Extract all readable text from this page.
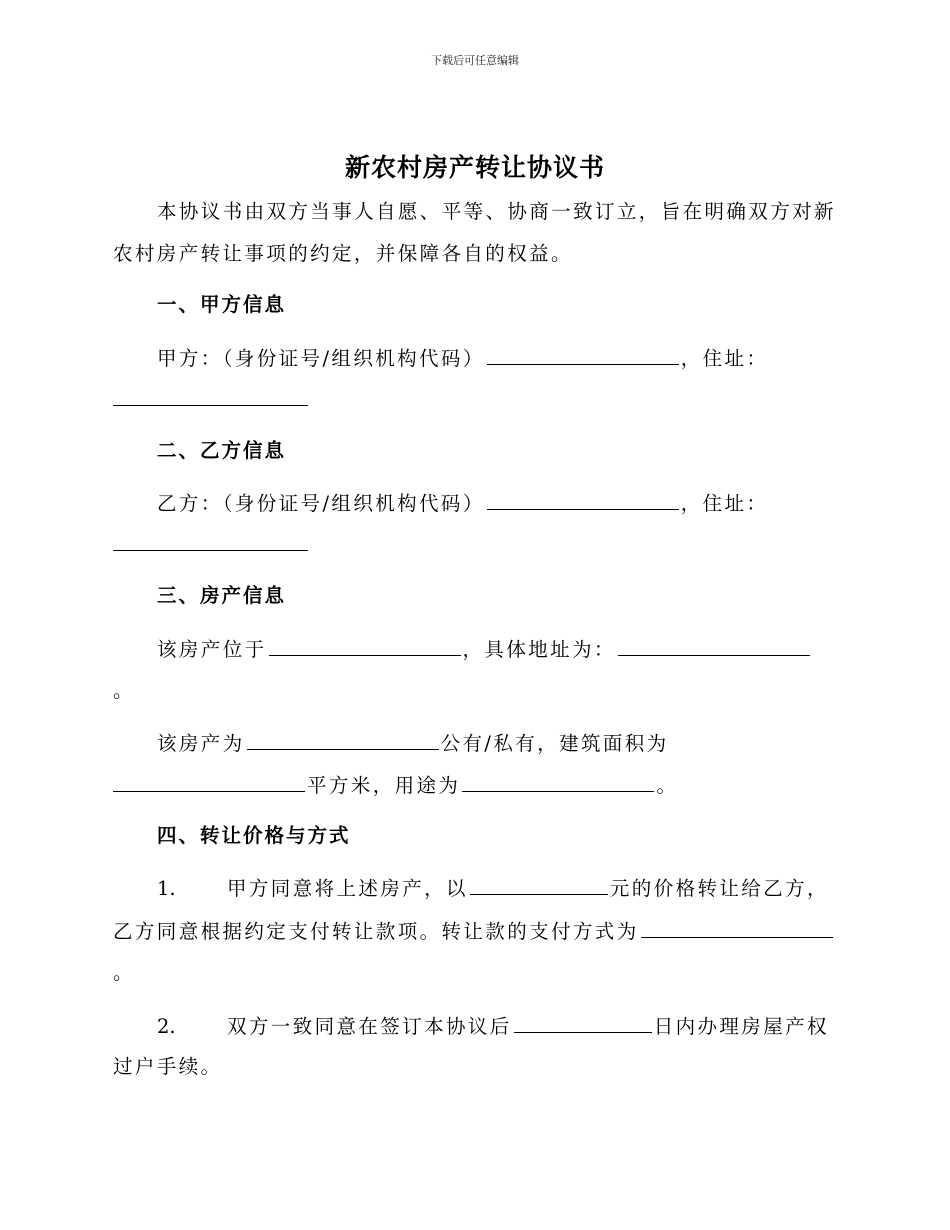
下载后可任意编辑
新农村房产转让协议书
本协议书由双方当事人自愿、平等、协商一致订立，旨在明确双方对新
农村房产转让事项的约定，并保障各自的权益。
一、甲方信息
甲方：（身份证号/组织机构代码）	，住址：
二、乙方信息
乙方：（身份证号/组织机构代码）	，住址：
三、房产信息
该房产位于	，具体地址为：
。
该房产为	公有/私有，建筑面积为
平方米，用途为	。
四、转让价格与方式
1.	甲方同意将上述房产，以	元的价格转让给乙方，
乙方同意根据约定支付转让款项。转让款的支付方式为
。
2.	双方一致同意在签订本协议后	日内办理房屋产权
过户手续。
